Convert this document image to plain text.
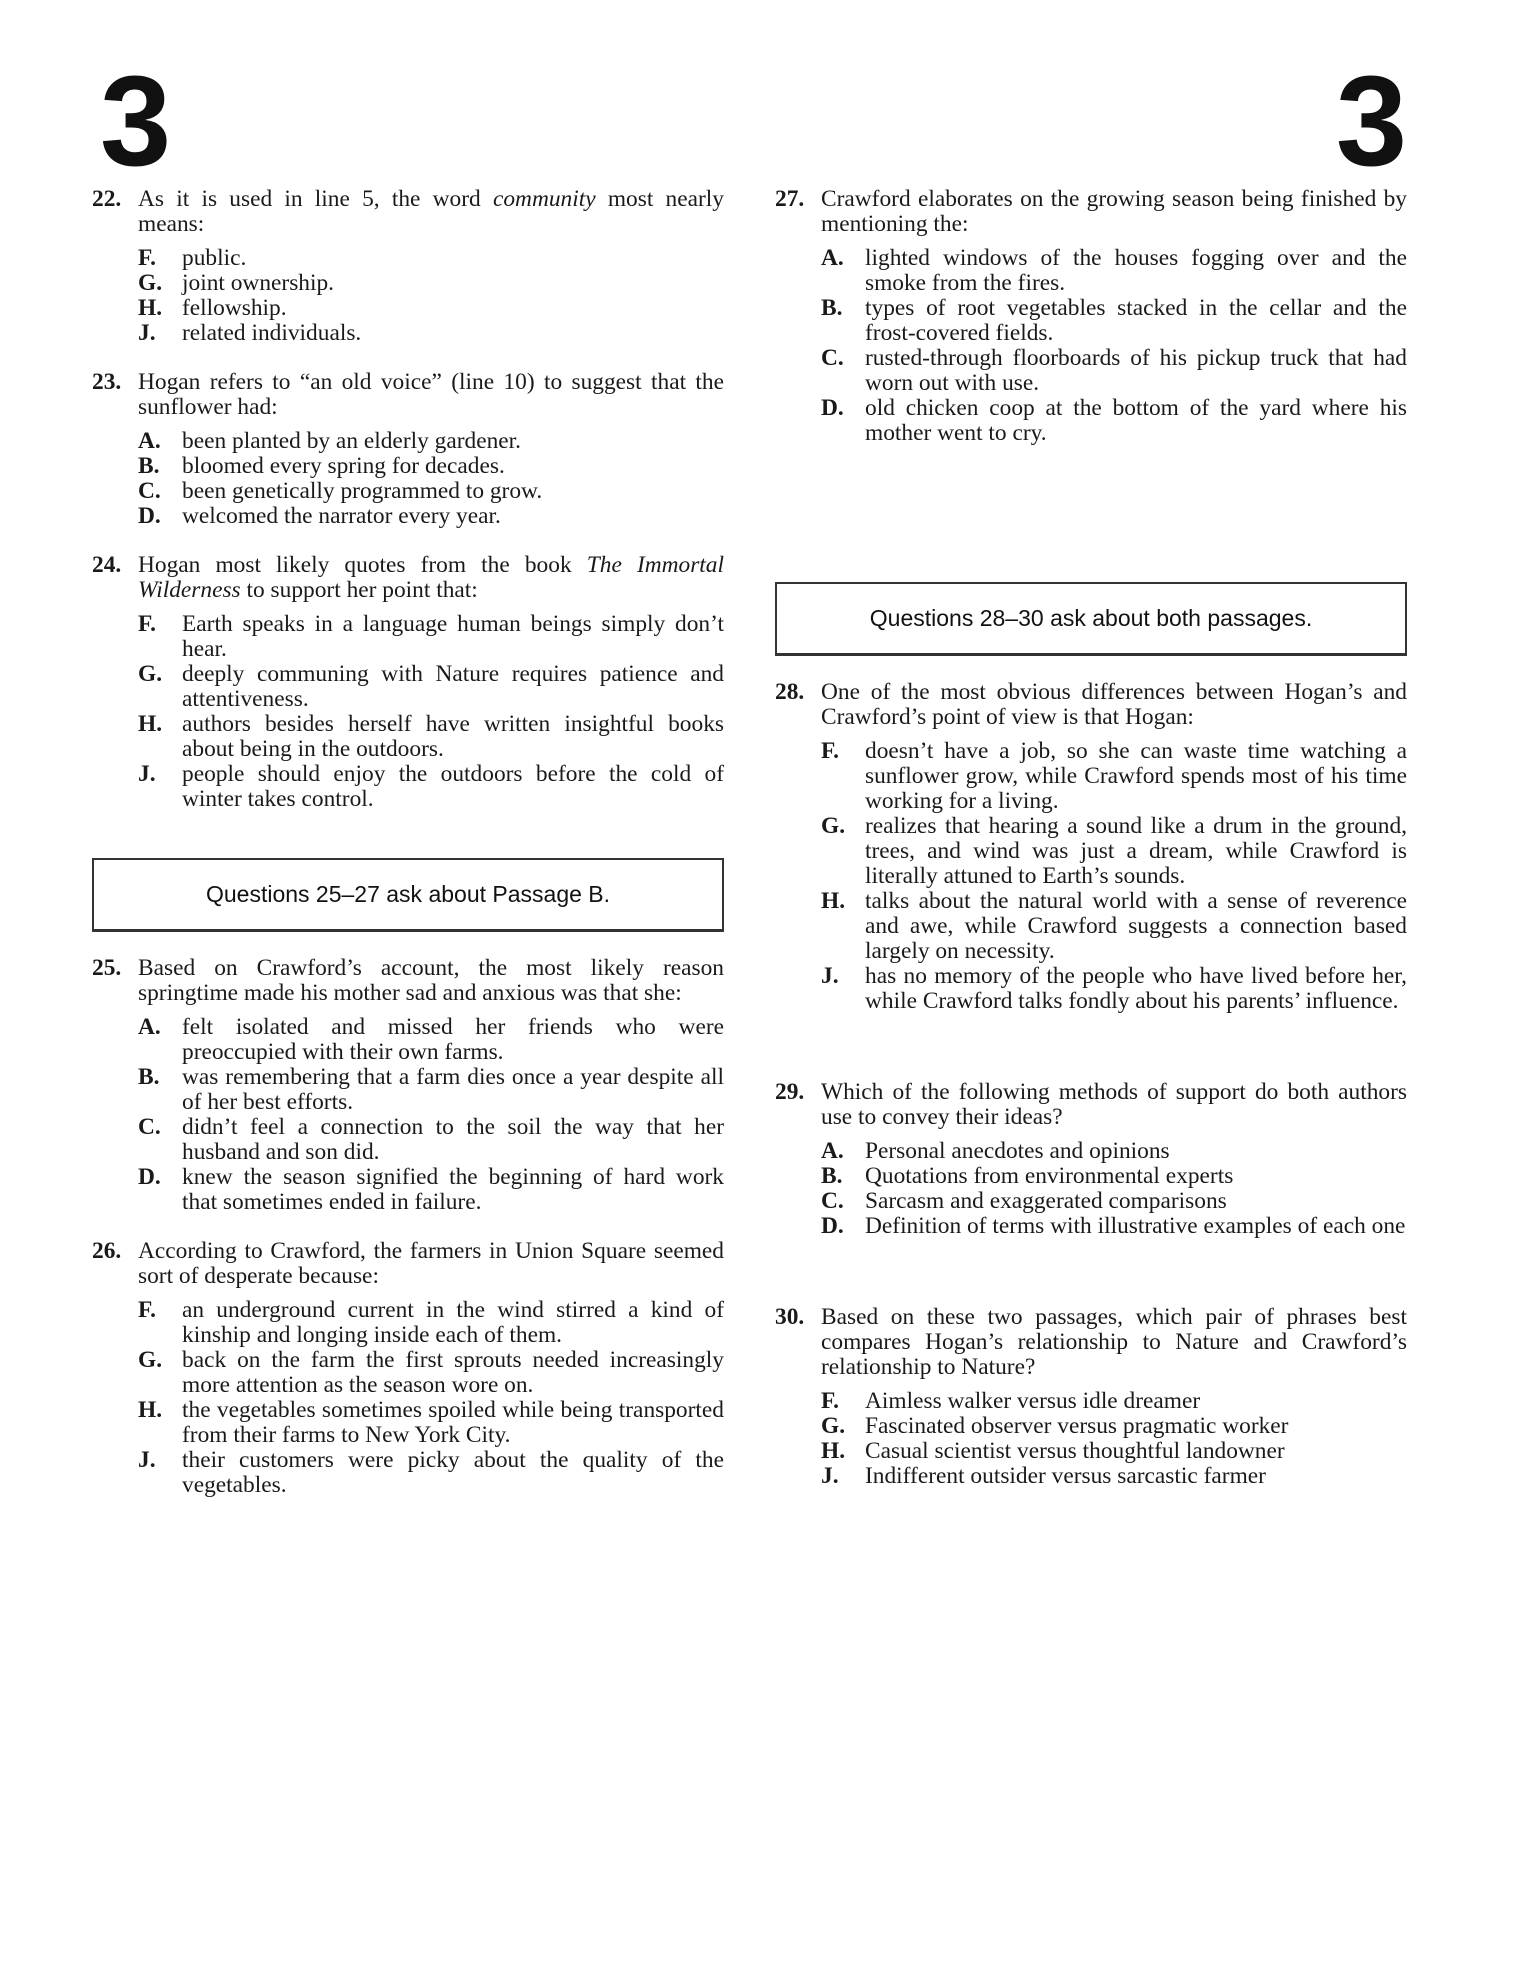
3	3
22. As it is used in line 5, the word community most nearly means:
F. public.
G. joint ownership.
H. fellowship.
J. related individuals.
23. Hogan refers to “an old voice” (line 10) to suggest that the sunflower had:
A. been planted by an elderly gardener.
B. bloomed every spring for decades.
C. been genetically programmed to grow.
D. welcomed the narrator every year.
24. Hogan most likely quotes from the book The Immortal Wilderness to support her point that:
F. Earth speaks in a language human beings simply don’t hear.
G. deeply communing with Nature requires patience and attentiveness.
H. authors besides herself have written insightful books about being in the outdoors.
J. people should enjoy the outdoors before the cold of winter takes control.
Questions 25–27 ask about Passage B.
25. Based on Crawford’s account, the most likely reason springtime made his mother sad and anxious was that she:
A. felt isolated and missed her friends who were preoccupied with their own farms.
B. was remembering that a farm dies once a year despite all of her best efforts.
C. didn’t feel a connection to the soil the way that her husband and son did.
D. knew the season signified the beginning of hard work that sometimes ended in failure.
26. According to Crawford, the farmers in Union Square seemed sort of desperate because:
F. an underground current in the wind stirred a kind of kinship and longing inside each of them.
G. back on the farm the first sprouts needed increasingly more attention as the season wore on.
H. the vegetables sometimes spoiled while being transported from their farms to New York City.
J. their customers were picky about the quality of the vegetables.
27. Crawford elaborates on the growing season being finished by mentioning the:
A. lighted windows of the houses fogging over and the smoke from the fires.
B. types of root vegetables stacked in the cellar and the frost-covered fields.
C. rusted-through floorboards of his pickup truck that had worn out with use.
D. old chicken coop at the bottom of the yard where his mother went to cry.
Questions 28–30 ask about both passages.
28. One of the most obvious differences between Hogan’s and Crawford’s point of view is that Hogan:
F. doesn’t have a job, so she can waste time watching a sunflower grow, while Crawford spends most of his time working for a living.
G. realizes that hearing a sound like a drum in the ground, trees, and wind was just a dream, while Crawford is literally attuned to Earth’s sounds.
H. talks about the natural world with a sense of reverence and awe, while Crawford suggests a connection based largely on necessity.
J. has no memory of the people who have lived before her, while Crawford talks fondly about his parents’ influence.
29. Which of the following methods of support do both authors use to convey their ideas?
A. Personal anecdotes and opinions
B. Quotations from environmental experts
C. Sarcasm and exaggerated comparisons
D. Definition of terms with illustrative examples of each one
30. Based on these two passages, which pair of phrases best compares Hogan’s relationship to Nature and Crawford’s relationship to Nature?
F. Aimless walker versus idle dreamer
G. Fascinated observer versus pragmatic worker
H. Casual scientist versus thoughtful landowner
J. Indifferent outsider versus sarcastic farmer
